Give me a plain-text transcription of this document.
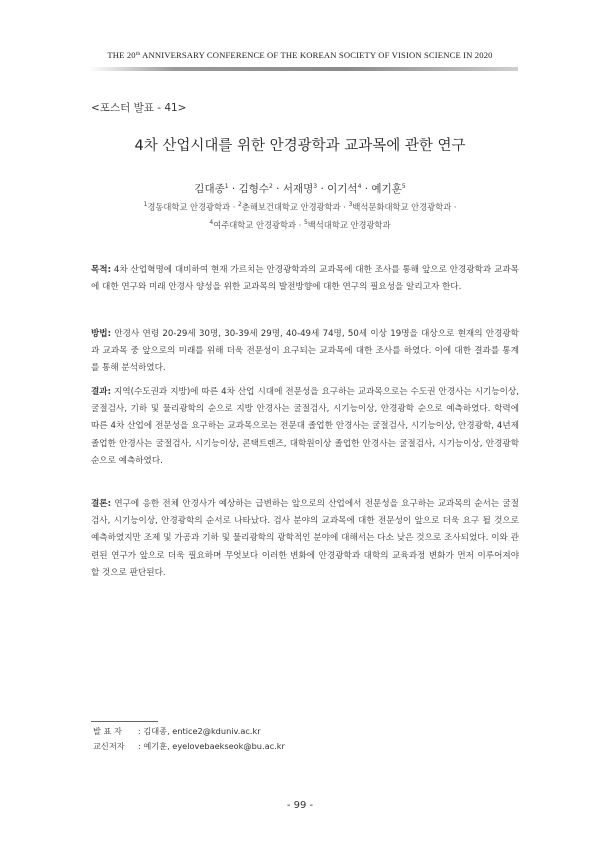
THE 20th ANNIVERSARY CONFERENCE OF THE KOREAN SOCIETY OF VISION SCIENCE IN 2020
<포스터 발표 - 41>
4차 산업시대를 위한 안경광학과 교과목에 관한 연구
김대종$^1$ · 김형수$^2$ · 서재명$^3$ · 이기석$^4$ · 예기훈$^5$
$^1$경동대학교 안경광학과 · $^2$춘해보건대학교 안경광학과 · $^3$백석문화대학교 안경광학과 ·
$^4$여주대학교 안경광학과 · $^5$백석대학교 안경광학과
목적: 4차 산업혁명에 대비하여 현재 가르치는 안경광학과의 교과목에 대한 조사를 통해 앞으로 안경광학과 교과목에 대한 연구와 미래 안경사 양성을 위한 교과목의 발전방향에 대한 연구의 필요성을 알리고자 한다.
방법: 안경사 연령 20-29세 30명, 30-39세 29명, 40-49세 74명, 50세 이상 19명을 대상으로 현재의 안경광학과 교과목 중 앞으로의 미래를 위해 더욱 전문성이 요구되는 교과목에 대한 조사를 하였다. 이에 대한 결과를 통계를 통해 분석하였다.
결과: 지역(수도권과 지방)에 따른 4차 산업 시대에 전문성을 요구하는 교과목으로는 수도권 안경사는 시기능이상, 굴절검사, 기하 및 물리광학의 순으로 지방 안경사는 굴절검사, 시기능이상, 안경광학 순으로 예측하였다. 학력에 따른 4차 산업에 전문성을 요구하는 교과목으로는 전문대 졸업한 안경사는 굴절검사, 시기능이상, 안경광학, 4년제 졸업한 안경사는 굴절검사, 시기능이상, 콘택트렌즈, 대학원이상 졸업한 안경사는 굴절검사, 시기능이상, 안경광학 순으로 예측하였다.
결론: 연구에 응한 전체 안경사가 예상하는 급변하는 앞으로의 산업에서 전문성을 요구하는 교과목의 순서는 굴절검사, 시기능이상, 안경광학의 순서로 나타났다. 검사 분야의 교과목에 대한 전문성이 앞으로 더욱 요구 될 것으로 예측하였지만 조제 및 가공과 기하 및 물리광학의 광학적인 분야에 대해서는 다소 낮은 것으로 조사되었다. 이와 관련된 연구가 앞으로 더욱 필요하며 무엇보다 이러한 변화에 안경광학과 대학의 교육과정 변화가 먼저 이루어져야 할 것으로 판단된다.
발 표 자 : 김대종, entice2@kduniv.ac.kr
교신저자 : 예기훈, eyelovebaekseok@bu.ac.kr
- 99 -
